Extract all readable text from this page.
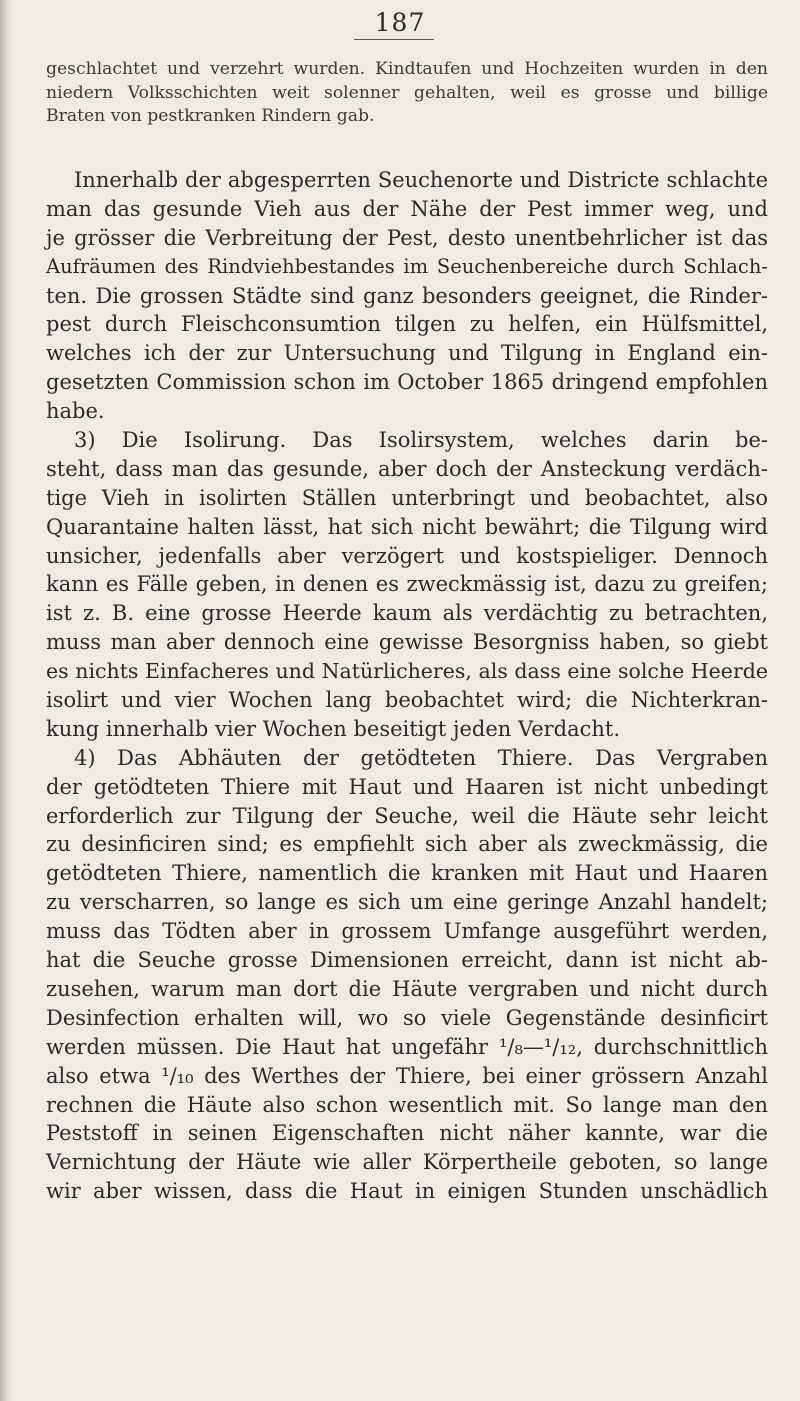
187
geschlachtet und verzehrt wurden. Kindtaufen und Hochzeiten wurden in den
niedern Volksschichten weit solenner gehalten, weil es grosse und billige
Braten von pestkranken Rindern gab.
Innerhalb der abgesperrten Seuchenorte und Districte schlachte
man das gesunde Vieh aus der Nähe der Pest immer weg, und
je grösser die Verbreitung der Pest, desto unentbehrlicher ist das
Aufräumen des Rindviehbestandes im Seuchenbereiche durch Schlach-
ten. Die grossen Städte sind ganz besonders geeignet, die Rinder-
pest durch Fleischconsumtion tilgen zu helfen, ein Hülfsmittel,
welches ich der zur Untersuchung und Tilgung in England ein-
gesetzten Commission schon im October 1865 dringend empfohlen
habe.
3) Die Isolirung. Das Isolirsystem, welches darin be-
steht, dass man das gesunde, aber doch der Ansteckung verdäch-
tige Vieh in isolirten Ställen unterbringt und beobachtet, also
Quarantaine halten lässt, hat sich nicht bewährt; die Tilgung wird
unsicher, jedenfalls aber verzögert und kostspieliger. Dennoch
kann es Fälle geben, in denen es zweckmässig ist, dazu zu greifen;
ist z. B. eine grosse Heerde kaum als verdächtig zu betrachten,
muss man aber dennoch eine gewisse Besorgniss haben, so giebt
es nichts Einfacheres und Natürlicheres, als dass eine solche Heerde
isolirt und vier Wochen lang beobachtet wird; die Nichterkran-
kung innerhalb vier Wochen beseitigt jeden Verdacht.
4) Das Abhäuten der getödteten Thiere. Das Vergraben
der getödteten Thiere mit Haut und Haaren ist nicht unbedingt
erforderlich zur Tilgung der Seuche, weil die Häute sehr leicht
zu desinficiren sind; es empfiehlt sich aber als zweckmässig, die
getödteten Thiere, namentlich die kranken mit Haut und Haaren
zu verscharren, so lange es sich um eine geringe Anzahl handelt;
muss das Tödten aber in grossem Umfange ausgeführt werden,
hat die Seuche grosse Dimensionen erreicht, dann ist nicht ab-
zusehen, warum man dort die Häute vergraben und nicht durch
Desinfection erhalten will, wo so viele Gegenstände desinficirt
werden müssen. Die Haut hat ungefähr ¹/₈—¹/₁₂, durchschnittlich
also etwa ¹/₁₀ des Werthes der Thiere, bei einer grössern Anzahl
rechnen die Häute also schon wesentlich mit. So lange man den
Peststoff in seinen Eigenschaften nicht näher kannte, war die
Vernichtung der Häute wie aller Körpertheile geboten, so lange
wir aber wissen, dass die Haut in einigen Stunden unschädlich
